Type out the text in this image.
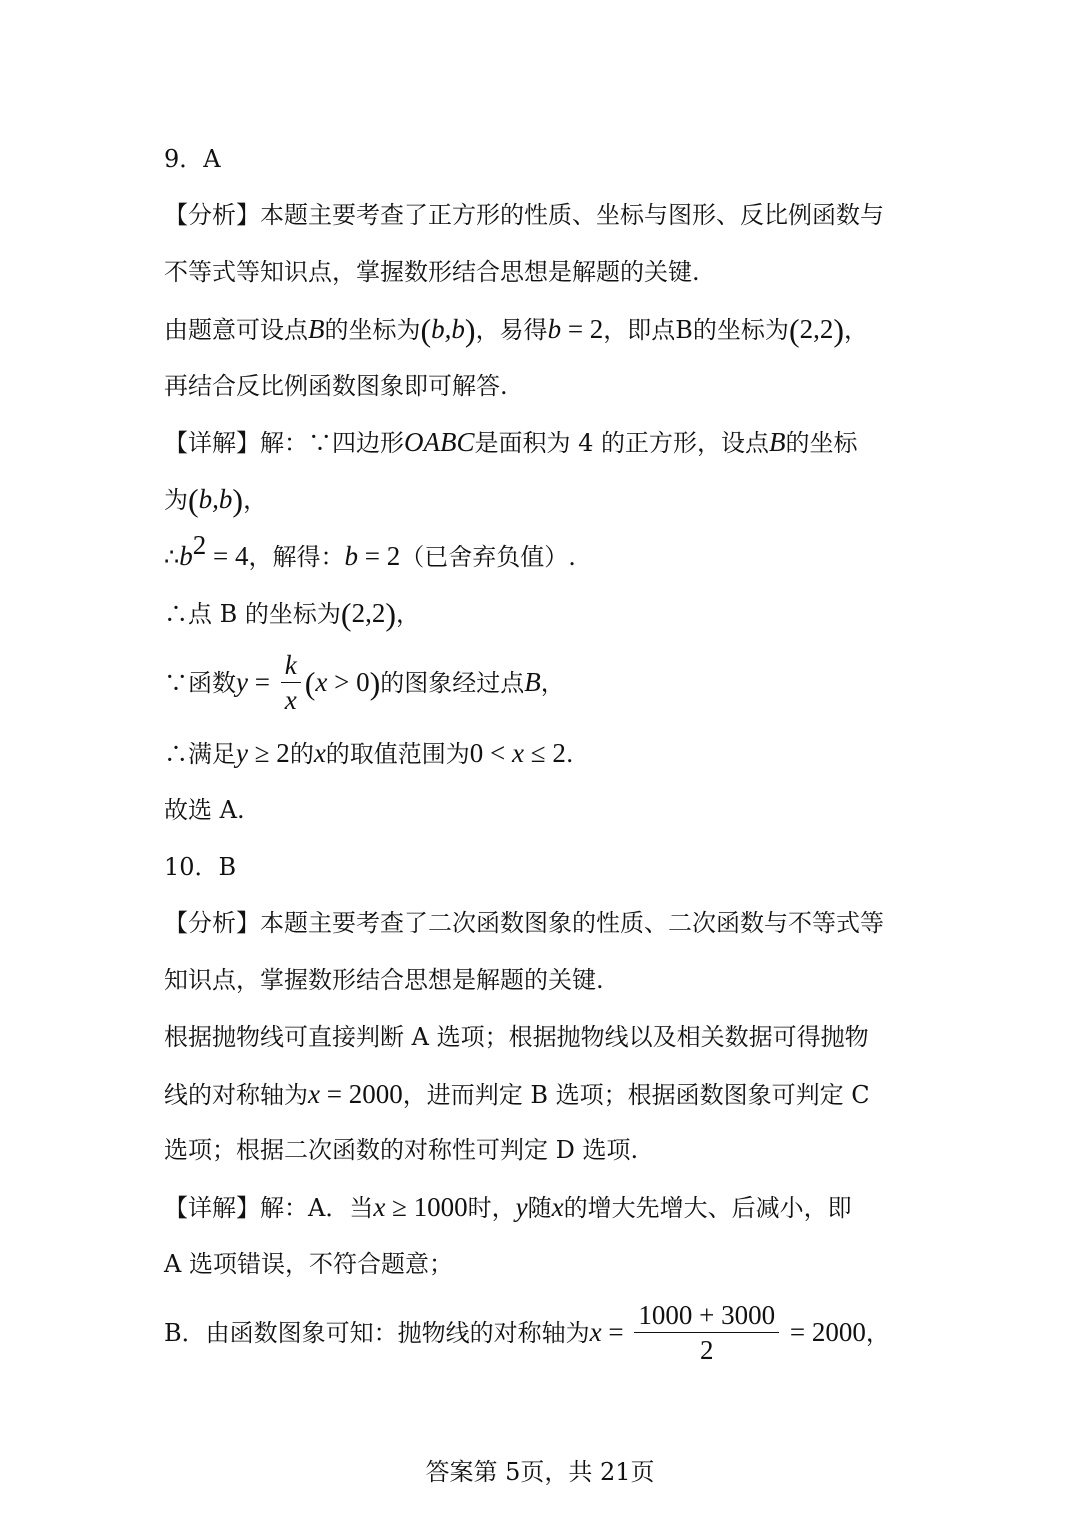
9．A
【分析】本题主要考查了正方形的性质、坐标与图形、反比例函数与
不等式等知识点，掌握数形结合思想是解题的关键.
由题意可设点B的坐标为(b,b)，易得b = 2，即点B的坐标为(2,2)，
再结合反比例函数图象即可解答.
【详解】解：∵四边形OABC是面积为 4 的正方形，设点B的坐标
为(b,b)，
$\therefore b^2 = 4$，解得：b = 2（已舍弃负值）.
∴点 B 的坐标为(2,2)，
∵函数$y = \frac{k}{x} (x > 0)$的图象经过点B，
∴满足y ≥ 2的x的取值范围为0 < x ≤ 2.
故选 A.
10．B
【分析】本题主要考查了二次函数图象的性质、二次函数与不等式等
知识点，掌握数形结合思想是解题的关键.
根据抛物线可直接判断 A 选项；根据抛物线以及相关数据可得抛物
线的对称轴为x = 2000，进而判定 B 选项；根据函数图象可判定 C
选项；根据二次函数的对称性可判定 D 选项.
【详解】解：A．当x ≥ 1000时，y随x的增大先增大、后减小，即
A 选项错误，不符合题意；
B．由函数图象可知：抛物线的对称轴为$x = \frac{1000 + 3000}{2} = 2000$，
答案第 5页，共 21页
